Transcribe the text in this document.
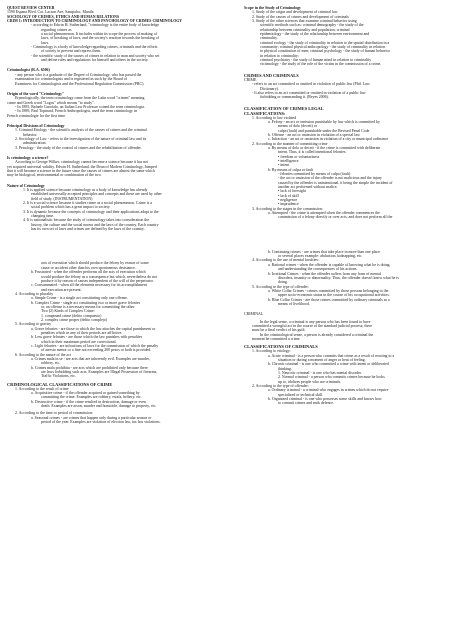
QUEST REVIEW CENTER
1590 Espana Blvd. Cor. Lacson Ave, Sampaloc, Manila
SOCIOLOGY OF CRIMES, ETHICS AND HUMAN RELATIONS
CRIM 1: INTRODUCTION TO CRIMINOLOGY AND PSYCHOLOGY OF CRIMES CRIMINOLOGY
- according to Edwin H. Sutherland, "criminology is the entire body of knowledge
regarding crimes as
a social phenomenon. It includes within its scope the process of making of
laws, of breaking of laws, and the society's reaction towards the breaking of
laws.
- Criminology is a body of knowledge regarding crimes, criminals and the efforts
of society to prevent and repress them.
- the scientific study of the causes of crimes in relation to man and society who set
and define rules and regulations for himself and others in the society.
Criminologist (R.A. 6506)
- any person who is a graduate of the Degree of Criminology, who has passed the
examination for criminologists and is registered as such by the Board of
Examiners for Criminologists and the Professional Regulation Commission (PRC).
Origin of the word "Criminology"
Etymologically, the term criminology came from the Latin word "crimen" meaning
crime and Greek word "Logos" which means "to study".
- In 1885, Rafaele Garofalo, an Italian Law Professor coined the term criminologia.
- In 1889, Paul Topinard, French Anthropologist, used the term criminology in
French criminologie for the first time.
Principal Divisions of Criminology
1. Criminal Etiology - the scientific analysis of the causes of crimes and the criminal
behavior.
2. Sociology of Law - refers to the investigation of the nature of criminal law and its
administration.
3. Penology - the study of the control of crimes and the rehabilitation of offender.
Is criminology a science?
According to George Wilker, criminology cannot become a science because it has not
yet acquired universal validity. Edwin H. Sutherland, the Dean of Modern Criminology, Jumped
that it will become a science in the future since the causes of crimes are almost the same which
may be biological, environmental or combination of the two.
Nature of Criminology
1. It is applied science because criminology as a body of knowledge has already
established universally accepted principles and concepts and these are used by other
field of study. (INSTRUMENTATION)
2. It is a social science because it studies crime as a social phenomenon. Crime is a
social problem which has a great impact to society.
3. It is dynamic because the concepts of criminology and their applications adapt to the
changing time.
4. It is nationalistic because the study of criminology takes into consideration the
history, the culture and the social norms and the laws of the country. Each country
has its own set of laws and crimes are defined by the laws of the country.
acts of execution which should produce the felony by reason of some
cause or accident other than his own spontaneous desistance.
b. Frustrated - when the offender performs all the acts of execution which
would produce the felony as a consequence but which, nevertheless do not
produce it by reason of causes independent of the will of the perpetrator.
c. Consummated - when all the elements necessary for its accomplishment
and execution are present.
4. According to plurality
a. Simple Crime - is a single act constituting only one offense.
b. Complex Crime - single act constituting two or more grave felonies
or, an offense is a necessary means for committing the other.
Two (2) Kinds of Complex Crime:
1. compound crime (delito compuesto)
2. complex crime proper (delito complejo)
5. According to gravity
a. Grave felonies - are those to which the law attaches the capital punishment or
penalties which in any of their periods are afflictive.
b. Less grave felonies - are those which the law punishes with penalties
which in their maximum period are correctional.
c. Light felonies - are infractions of laws for the commission of which the penalty
of arresto menor or a fine not exceeding 200 pesos or both is provided.
6. According to the nature of the act
a. Crimes mala in se - are acts that are inherently evil. Examples are murder,
robbery, etc.
b. Crimes mala prohibita - are acts which are prohibited only because there
are laws forbidding such acts. Examples are Illegal Possession of firearms,
Traffic Violations, etc.
CRIMINOLOGICAL CLASSIFICATIONS OF CRIME
1. According to the result of crime
a. Acquisitive crime - if the offender acquired or gained something by
committing the crime. Examples are robbery, estafa, bribery, etc.
b. Destructive crime - if the crime resulted in destruction, damage or even
death. Examples are arson, murder and homicide, damage to property, etc.
2. According to the time or period of commission:
a. Seasonal crimes - are crimes that happen only during a particular season or
period of the year. Examples are violation of election law, tax law violations.
Scope in the Study of Criminology
1. Study of the origin and development of criminal law
2. Study of the causes of crimes and development of criminals
3. Study of the other sciences that examine criminal behavior using
scientific methods such as: criminal demography - the study of the
relationship between criminality and population; criminal
epidemiology - the study of the relationship between environment and
criminality.
criminal ecology - the study of criminality in relation to the spatial distribution in a
community; criminal physical anthropology - the study of criminality in relation
to physical constitution of men; criminal psychology - the study of human behavior
in relation to criminality;
criminal psychiatry - the study of human mind in relation to criminality
victimology - the study of the role of the victim in the commission of a crime.
CRIMES AND CRIMINALS
CRIME
- refers to an act committed or omitted in violation of public law (Phil. Law
Dictionary).
- It also refers to an act committed or omitted in violation of a public law
forbidding or commanding it. (Reyes 2006).
CLASSIFICATION OF CRIMES LEGAL
CLASSIFICATIONS:
1. According to law violated
a. Felony - an act or omission punishable by law which is committed by
means of dolo (deceit) or
culpa (fault) and punishable under the Revised Penal Code
b. Offense - an act or omission in violation of a special law
c. Infraction - an act or omission in violation of a city or municipal ordinance
2. According to the manner of committing crime
a. By means of dolo or deceit - if the crime is committed with deliberate
intent. Thus, it is called intentional felonies.
• freedom or voluntariness
• intelligence
• intent
b. By means of culpa or fault
- felonies committed by means of culpa (fault)
- the act or omission of the offender is not malicious and the injury
caused by the offender is unintentional, it being the simple the incident of
another act performed without malice.
• lack of foresight
• lack of skill
• negligence
• imprudence
3. According to the stages in the commission:
a. Attempted - the crime is attempted when the offender commences the
commission of a felony directly or over acts, and does not perform all the
b. Continuing crimes - are crimes that take place in more than one place
or several places example: abduction, kidnapping, etc.
4. According to the use of mental faculties:
a. Rational crimes - when the offender is capable of knowing what he is doing,
and understanding the consequences of his actions.
b. Irrational Crimes - when the offender suffers from any form of mental
disorders, insanity or abnormality. Thus, the offender doesn't know what he is
doing.
5. According to the type of offender:
a. White Collar Crimes - crimes committed by those persons belonging to the
upper socio-economic status in the course of his occupational activities.
b. Blue Collar Crimes - are those crimes committed by ordinary criminals as a
means of livelihood.
CRIMINAL
In the legal sense, a criminal is any person who has been found to have
committed a wrongful act in the course of the standard judicial process; there
must be a final verdict of his guilt.
In the criminological sense, a person is already considered a criminal the
moment he committed a crime.
CLASSIFICATIONS OF CRIMINALS
1. According to etiology:
a. Acute criminal - is a person who commits that crime as a result of reacting to a
situation or during a moment of anger or heat of feeling.
b. Chronic criminal - is one who committed a crime with intent or deliberated
thinking.
1. Neurotic criminal - is one who has mental disorder.
2. Normal criminal - a person who commits crimes because he looks
up to, idolizes people who are criminals.
2. According to the type of offender:
a. Ordinary criminal - a criminal who engages in crimes which do not require
specialized or technical skill.
b. Organized criminal - is one who possesses some skills and knows how
to commit crimes and ends defence.
